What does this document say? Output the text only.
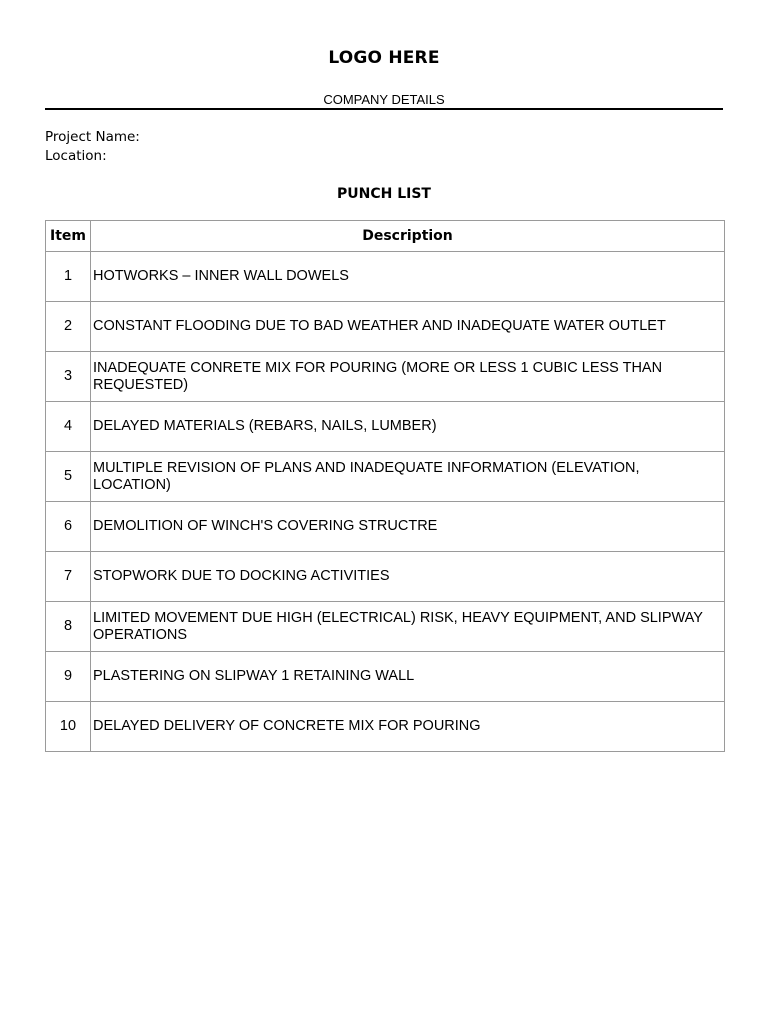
LOGO HERE
COMPANY DETAILS
Project Name:
Location:
PUNCH LIST
Item	Description
1	HOTWORKS – INNER WALL DOWELS
2	CONSTANT FLOODING DUE TO BAD WEATHER AND INADEQUATE WATER OUTLET
3	INADEQUATE CONRETE MIX FOR POURING (MORE OR LESS 1 CUBIC LESS THAN REQUESTED)
4	DELAYED MATERIALS (REBARS, NAILS, LUMBER)
5	MULTIPLE REVISION OF PLANS AND INADEQUATE INFORMATION (ELEVATION, LOCATION)
6	DEMOLITION OF WINCH'S COVERING STRUCTRE
7	STOPWORK DUE TO DOCKING ACTIVITIES
8	LIMITED MOVEMENT DUE HIGH (ELECTRICAL) RISK, HEAVY EQUIPMENT, AND SLIPWAY OPERATIONS
9	PLASTERING ON SLIPWAY 1 RETAINING WALL
10	DELAYED DELIVERY OF CONCRETE MIX FOR POURING
